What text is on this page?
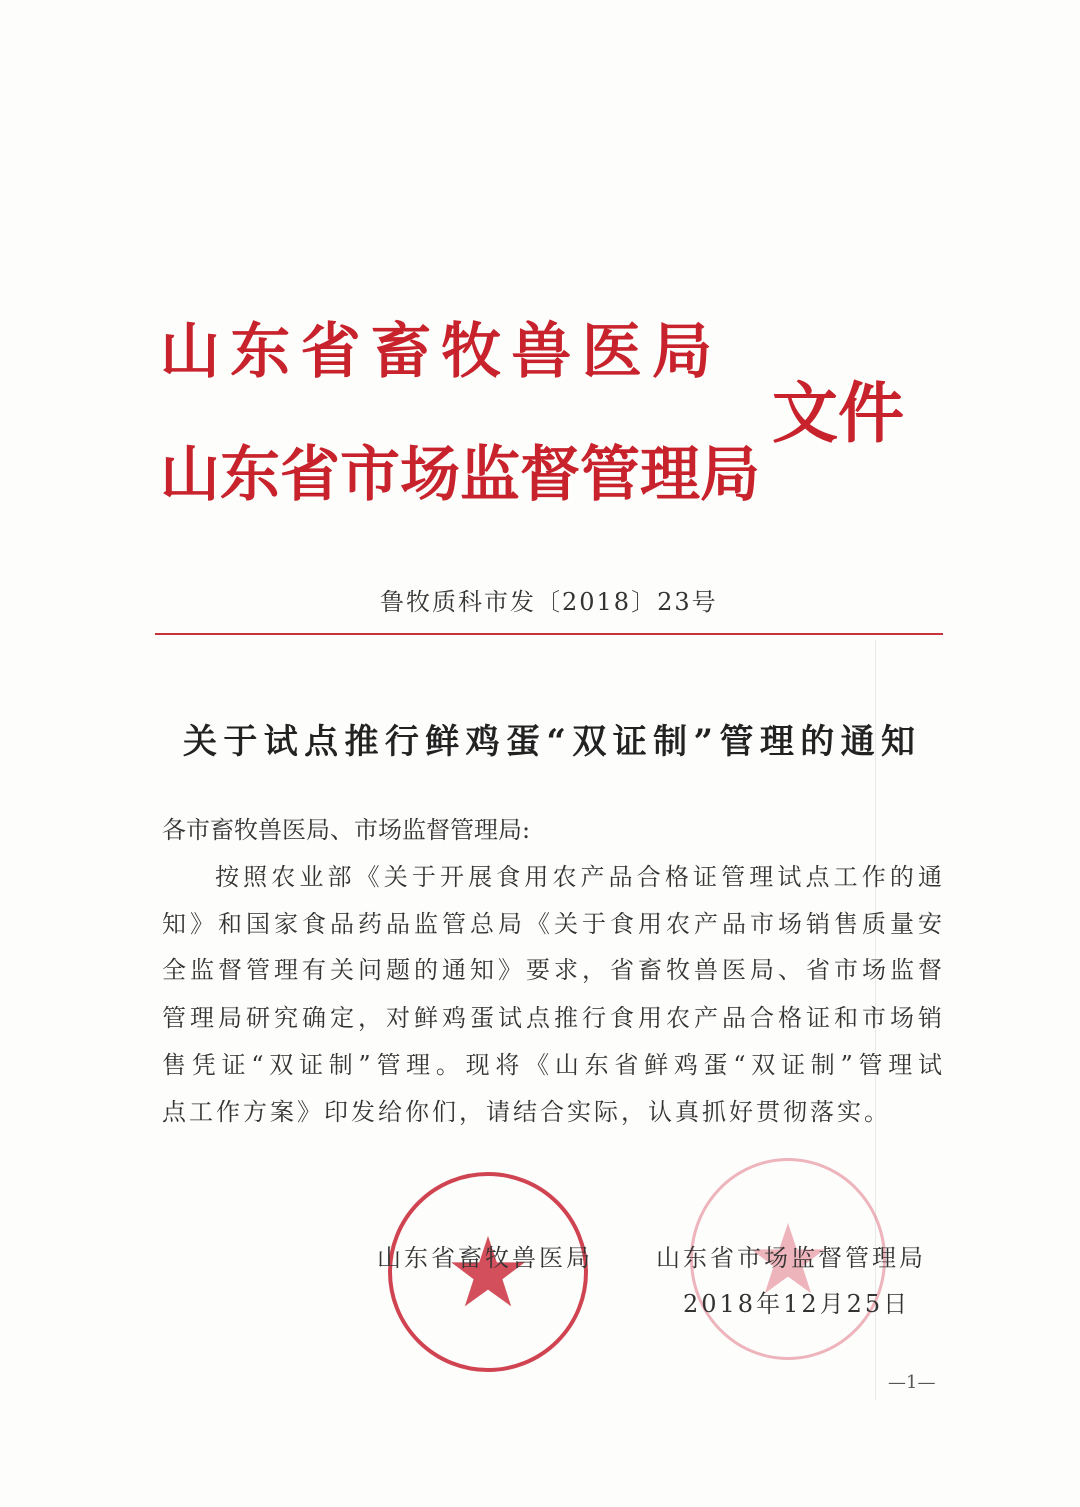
山东省畜牧兽医局
山东省市场监督管理局
文件
鲁牧质科市发〔2018〕23号
关于试点推行鲜鸡蛋“双证制”管理的通知
各市畜牧兽医局、市场监督管理局:
按照农业部《关于开展食用农产品合格证管理试点工作的通
知》和国家食品药品监管总局《关于食用农产品市场销售质量安
全监督管理有关问题的通知》要求，省畜牧兽医局、省市场监督
管理局研究确定，对鲜鸡蛋试点推行食用农产品合格证和市场销
售凭证“双证制”管理。现将《山东省鲜鸡蛋“双证制”管理试
点工作方案》印发给你们，请结合实际，认真抓好贯彻落实。
山东省畜牧兽医局	山东省市场监督管理局
2018年12月25日
—1—
